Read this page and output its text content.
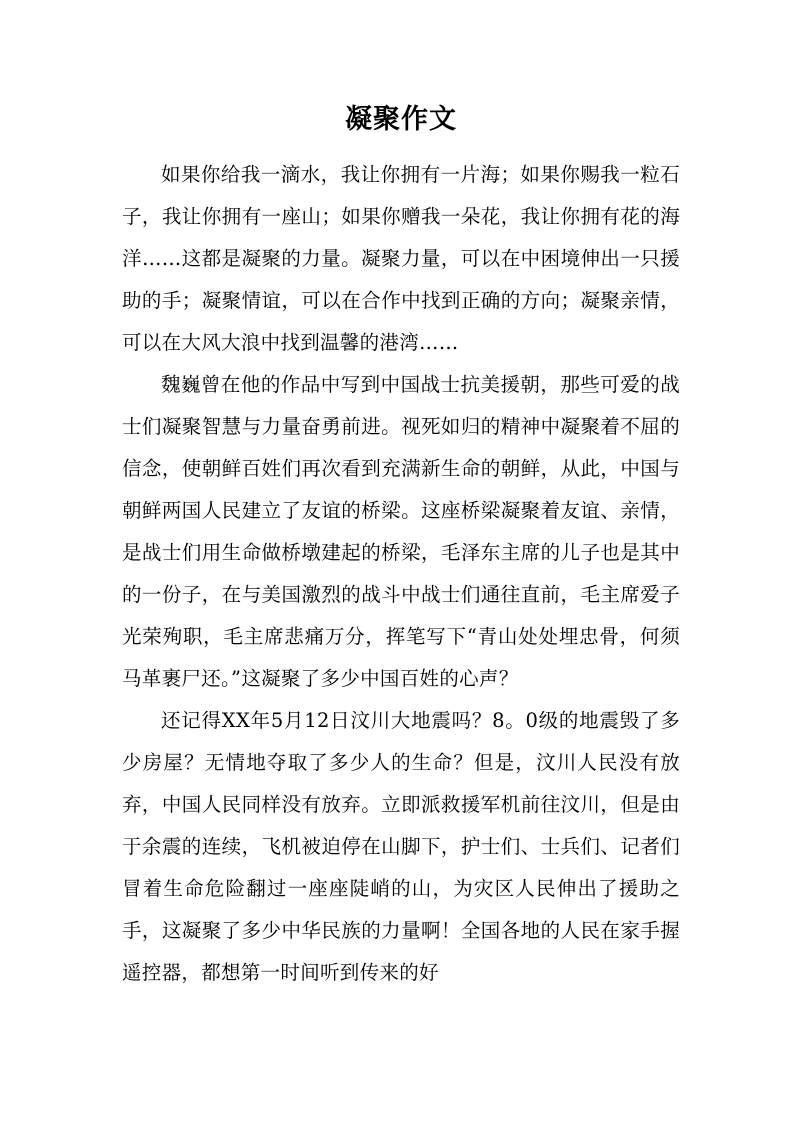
凝聚作文

如果你给我一滴水，我让你拥有一片海；如果你赐我一粒石子，我让你拥有一座山；如果你赠我一朵花，我让你拥有花的海洋……这都是凝聚的力量。凝聚力量，可以在中困境伸出一只援助的手；凝聚情谊，可以在合作中找到正确的方向；凝聚亲情，可以在大风大浪中找到温馨的港湾……

魏巍曾在他的作品中写到中国战士抗美援朝，那些可爱的战士们凝聚智慧与力量奋勇前进。视死如归的精神中凝聚着不屈的信念，使朝鲜百姓们再次看到充满新生命的朝鲜，从此，中国与朝鲜两国人民建立了友谊的桥梁。这座桥梁凝聚着友谊、亲情，是战士们用生命做桥墩建起的桥梁，毛泽东主席的儿子也是其中的一份子，在与美国激烈的战斗中战士们通往直前，毛主席爱子光荣殉职，毛主席悲痛万分，挥笔写下“青山处处埋忠骨，何须马革裹尸还。”这凝聚了多少中国百姓的心声？

还记得XX年5月12日汶川大地震吗？8。0级的地震毁了多少房屋？无情地夺取了多少人的生命？但是，汶川人民没有放弃，中国人民同样没有放弃。立即派救援军机前往汶川，但是由于余震的连续，飞机被迫停在山脚下，护士们、士兵们、记者们冒着生命危险翻过一座座陡峭的山，为灾区人民伸出了援助之手，这凝聚了多少中华民族的力量啊！全国各地的人民在家手握遥控器，都想第一时间听到传来的好
